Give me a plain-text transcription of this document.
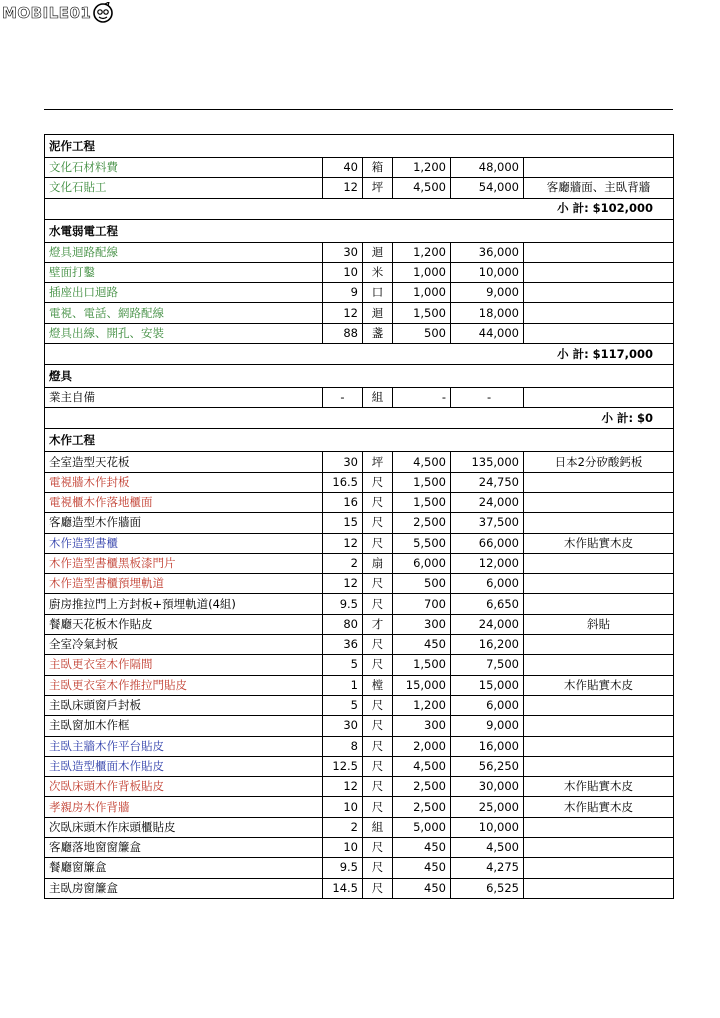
MOBILE01
泥作工程					
文化石材料費	40	箱	1,200	48,000	
文化石貼工	12	坪	4,500	54,000	客廳牆面、主臥背牆
小 計: $102,000					
水電弱電工程					
燈具迴路配線	30	迴	1,200	36,000	
壁面打鑿	10	米	1,000	10,000	
插座出口迴路	9	口	1,000	9,000	
電視、電話、網路配線	12	迴	1,500	18,000	
燈具出線、開孔、安裝	88	盞	500	44,000	
小 計: $117,000					
燈具					
業主自備	-	組	-	-	
小 計: $0					
木作工程					
全室造型天花板	30	坪	4,500	135,000	日本2分矽酸鈣板
電視牆木作封板	16.5	尺	1,500	24,750	
電視櫃木作落地櫃面	16	尺	1,500	24,000	
客廳造型木作牆面	15	尺	2,500	37,500	
木作造型書櫃	12	尺	5,500	66,000	木作貼實木皮
木作造型書櫃黑板漆門片	2	扇	6,000	12,000	
木作造型書櫃預埋軌道	12	尺	500	6,000	
廚房推拉門上方封板+預埋軌道(4組)	9.5	尺	700	6,650	
餐廳天花板木作貼皮	80	才	300	24,000	斜貼
全室冷氣封板	36	尺	450	16,200	
主臥更衣室木作隔間	5	尺	1,500	7,500	
主臥更衣室木作推拉門貼皮	1	樘	15,000	15,000	木作貼實木皮
主臥床頭窗戶封板	5	尺	1,200	6,000	
主臥窗加木作框	30	尺	300	9,000	
主臥主牆木作平台貼皮	8	尺	2,000	16,000	
主臥造型櫃面木作貼皮	12.5	尺	4,500	56,250	
次臥床頭木作背板貼皮	12	尺	2,500	30,000	木作貼實木皮
孝親房木作背牆	10	尺	2,500	25,000	木作貼實木皮
次臥床頭木作床頭櫃貼皮	2	組	5,000	10,000	
客廳落地窗窗簾盒	10	尺	450	4,500	
餐廳窗簾盒	9.5	尺	450	4,275	
主臥房窗簾盒	14.5	尺	450	6,525	
